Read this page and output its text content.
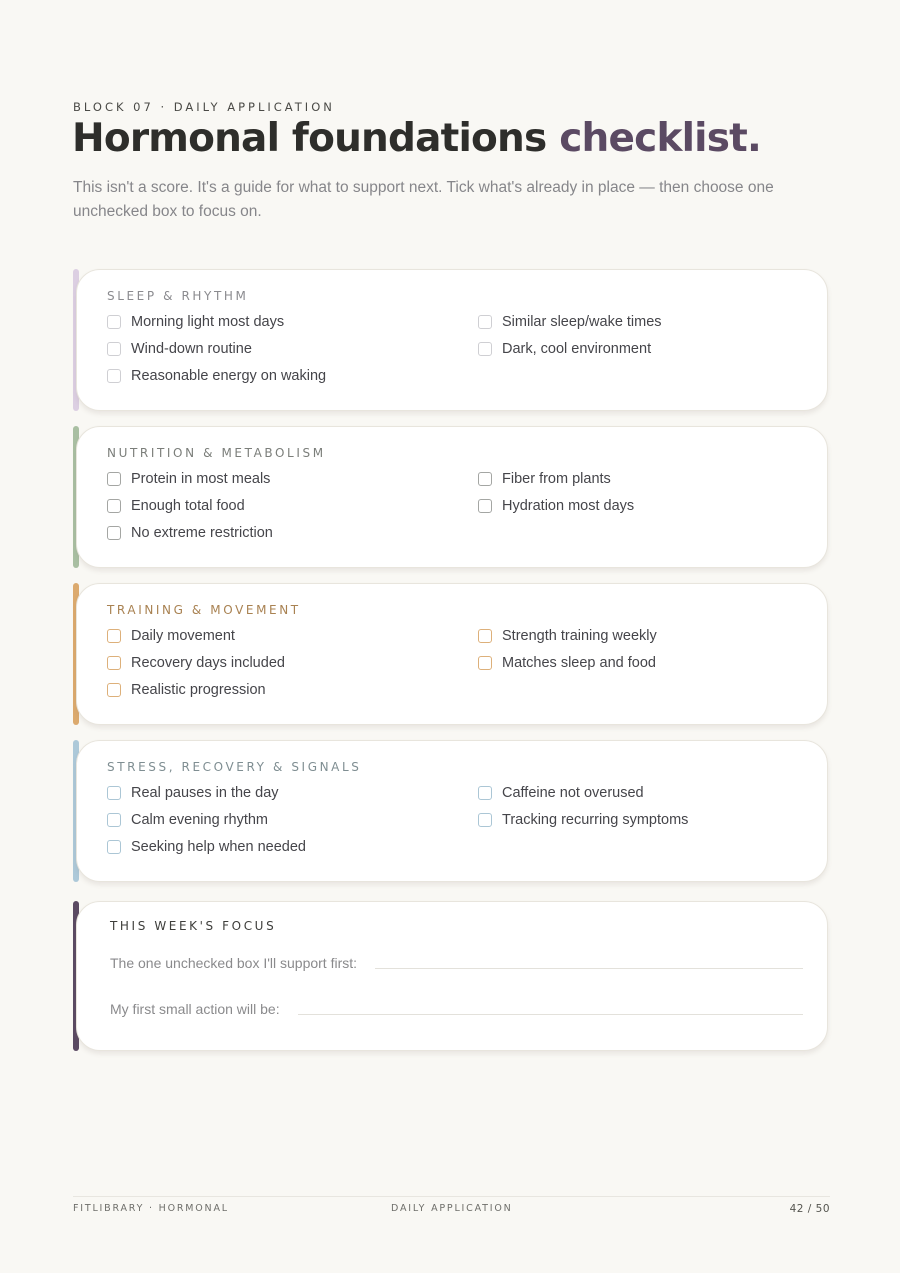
BLOCK 07 · DAILY APPLICATION
Hormonal foundations checklist.

This isn't a score. It's a guide for what to support next. Tick what's already in place — then choose one unchecked box to focus on.

SLEEP & RHYTHM
Morning light most days
Wind-down routine
Reasonable energy on waking
Similar sleep/wake times
Dark, cool environment
NUTRITION & METABOLISM
Protein in most meals
Enough total food
No extreme restriction
Fiber from plants
Hydration most days
TRAINING & MOVEMENT
Daily movement
Recovery days included
Realistic progression
Strength training weekly
Matches sleep and food
STRESS, RECOVERY & SIGNALS
Real pauses in the day
Calm evening rhythm
Seeking help when needed
Caffeine not overused
Tracking recurring symptoms
THIS WEEK'S FOCUS
The one unchecked box I'll support first:
My first small action will be:
FITLIBRARY · HORMONAL	DAILY APPLICATION	42 / 50
